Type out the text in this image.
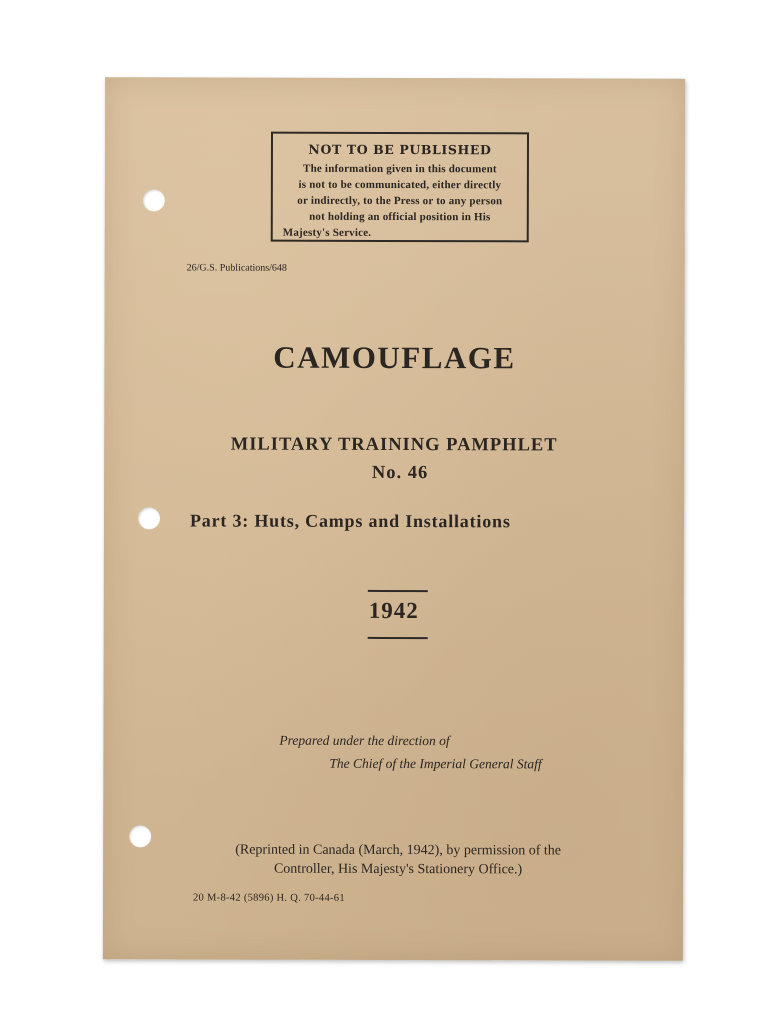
NOT TO BE PUBLISHED
The information given in this document
is not to be communicated, either directly
or indirectly, to the Press or to any person
not holding an official position in His
Majesty's Service.
26/G.S. Publications/648
CAMOUFLAGE
MILITARY TRAINING PAMPHLET
No. 46
Part 3: Huts, Camps and Installations
1942
Prepared under the direction of
The Chief of the Imperial General Staff
(Reprinted in Canada (March, 1942), by permission of the
Controller, His Majesty's Stationery Office.)
20 M-8-42 (5896) H. Q. 70-44-61
